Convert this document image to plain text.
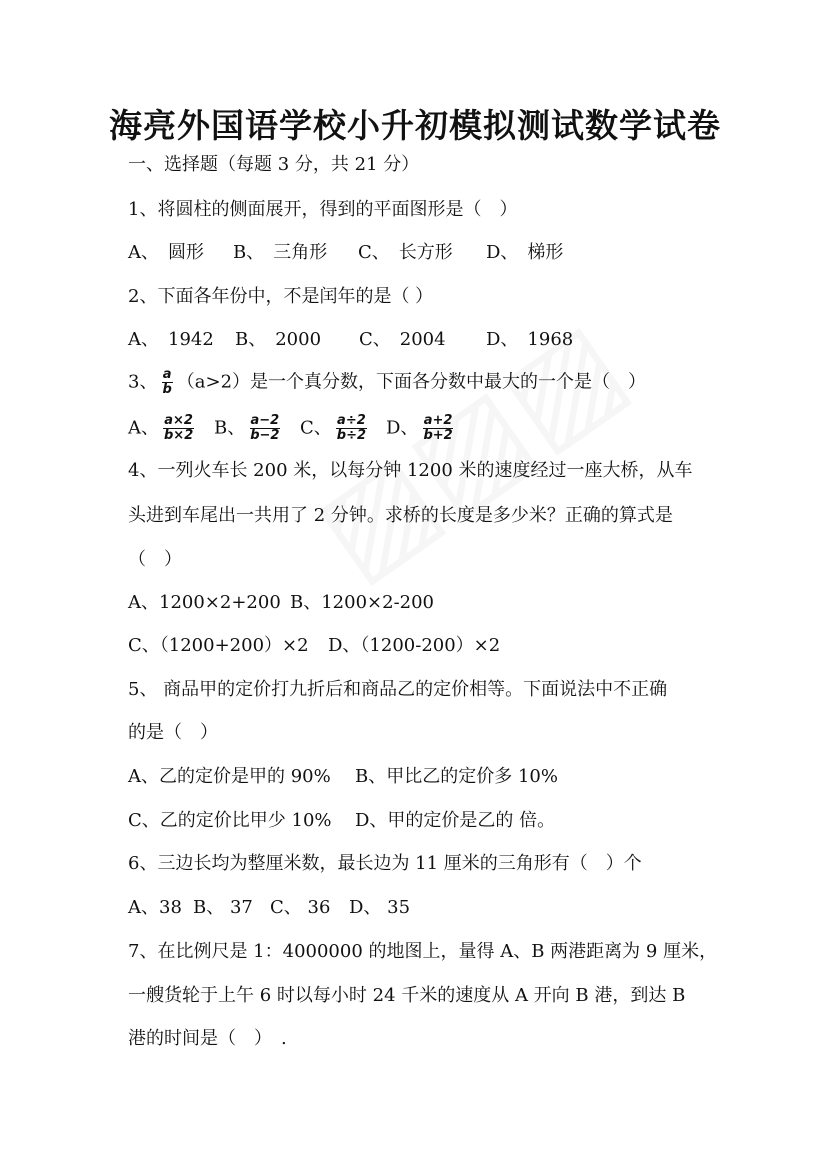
海亮外国语学校小升初模拟测试数学试卷
一、选择题（每题 3 分，共 21 分）
1、将圆柱的侧面展开，得到的平面图形是（　）
A、　圆形 B、　三角形 C、　长方形 D、　梯形
2、下面各年份中，不是闰年的是（ ）
A、　1942 B、　2000 C、　2004 D、　1968
3、 $\frac{a}{b} (a>2)$是一个真分数，下面各分数中最大的一个是（　）
A、 $\frac{a\times 2}{b\times 2}$ B、 $\frac{a-2}{b-2}$ C、 $\frac{a\div 2}{b\div 2}$ D、 $\frac{a+2}{b+2}$
4、一列火车长 200 米，以每分钟 1200 米的速度经过一座大桥，从车
头进到车尾出一共用了 2 分钟。求桥的长度是多少米？正确的算式是
（　）
A、1200×2+200 B、1200×2-200
C、（1200+200）×2 D、（1200-200）×2
5、 商品甲的定价打九折后和商品乙的定价相等。下面说法中不正确
的是（　）
A、乙的定价是甲的 90% B、甲比乙的定价多 10%
C、乙的定价比甲少 10% D、甲的定价是乙的 倍。
6、三边长均为整厘米数，最长边为 11 厘米的三角形有（　）个
A、38 B、 37 C、 36 D、 35
7、在比例尺是 1：4000000 的地图上，量得 A、B 两港距离为 9 厘米，
一艘货轮于上午 6 时以每小时 24 千米的速度从 A 开向 B 港，到达 B
港的时间是（　）　.
